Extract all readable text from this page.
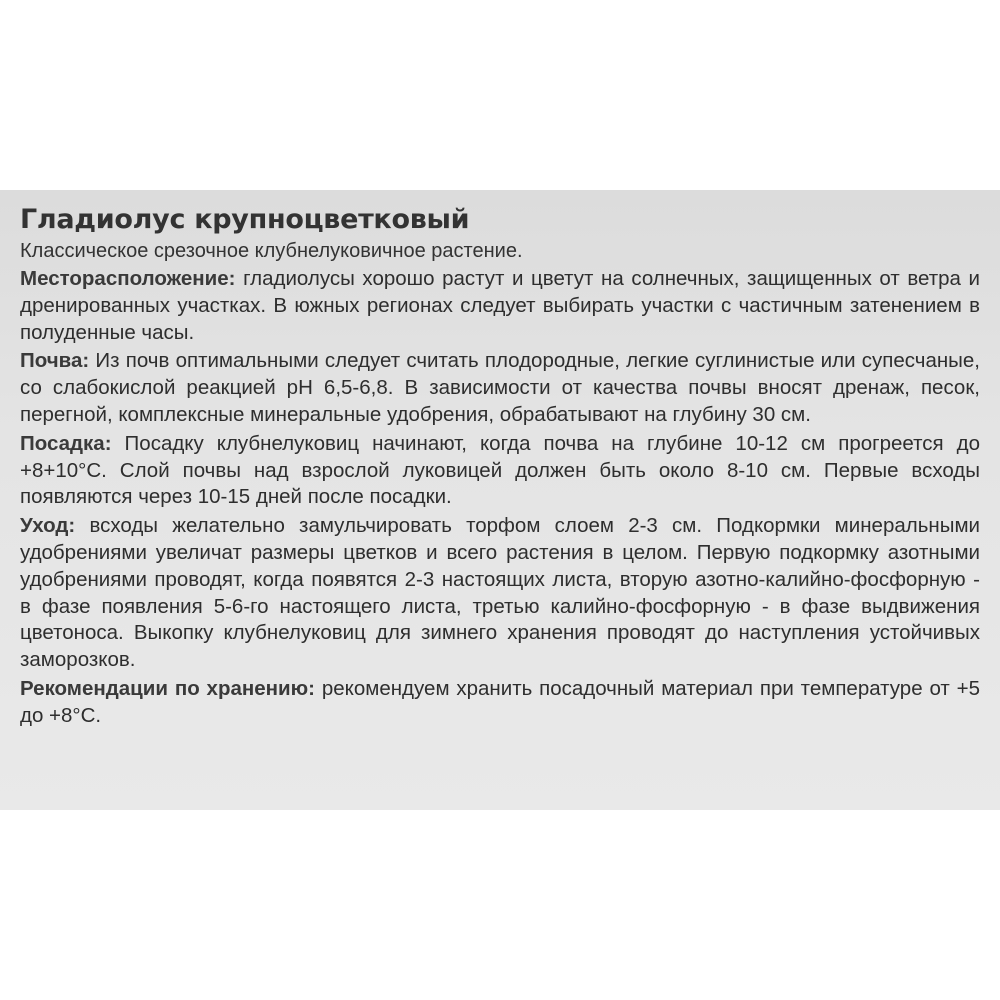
Гладиолус крупноцветковый
Классическое срезочное клубнелуковичное растение.
Месторасположение: гладиолусы хорошо растут и цветут на солнечных, защищенных от ветра и дренированных участках. В южных регионах следует выбирать участки с частичным затенением в полуденные часы.
Почва: Из почв оптимальными следует считать плодородные, легкие суглинистые или супесчаные, со слабокислой реакцией pH 6,5-6,8. В зависимости от качества почвы вносят дренаж, песок, перегной, комплексные минеральные удобрения, обрабатывают на глубину 30 см.
Посадка: Посадку клубнелуковиц начинают, когда почва на глубине 10-12 см прогреется до +8+10°С. Слой почвы над взрослой луковицей должен быть около 8-10 см. Первые всходы появляются через 10-15 дней после посадки.
Уход: всходы желательно замульчировать торфом слоем 2-3 см. Подкормки минеральными удобрениями увеличат размеры цветков и всего растения в целом. Первую подкормку азотными удобрениями проводят, когда появятся 2-3 настоящих листа, вторую азотно-калийно-фосфорную - в фазе появления 5-6-го настоящего листа, третью калийно-фосфорную - в фазе выдвижения цветоноса. Выкопку клубнелуковиц для зимнего хранения проводят до наступления устойчивых заморозков.
Рекомендации по хранению: рекомендуем хранить посадочный материал при температуре от +5 до +8°С.
